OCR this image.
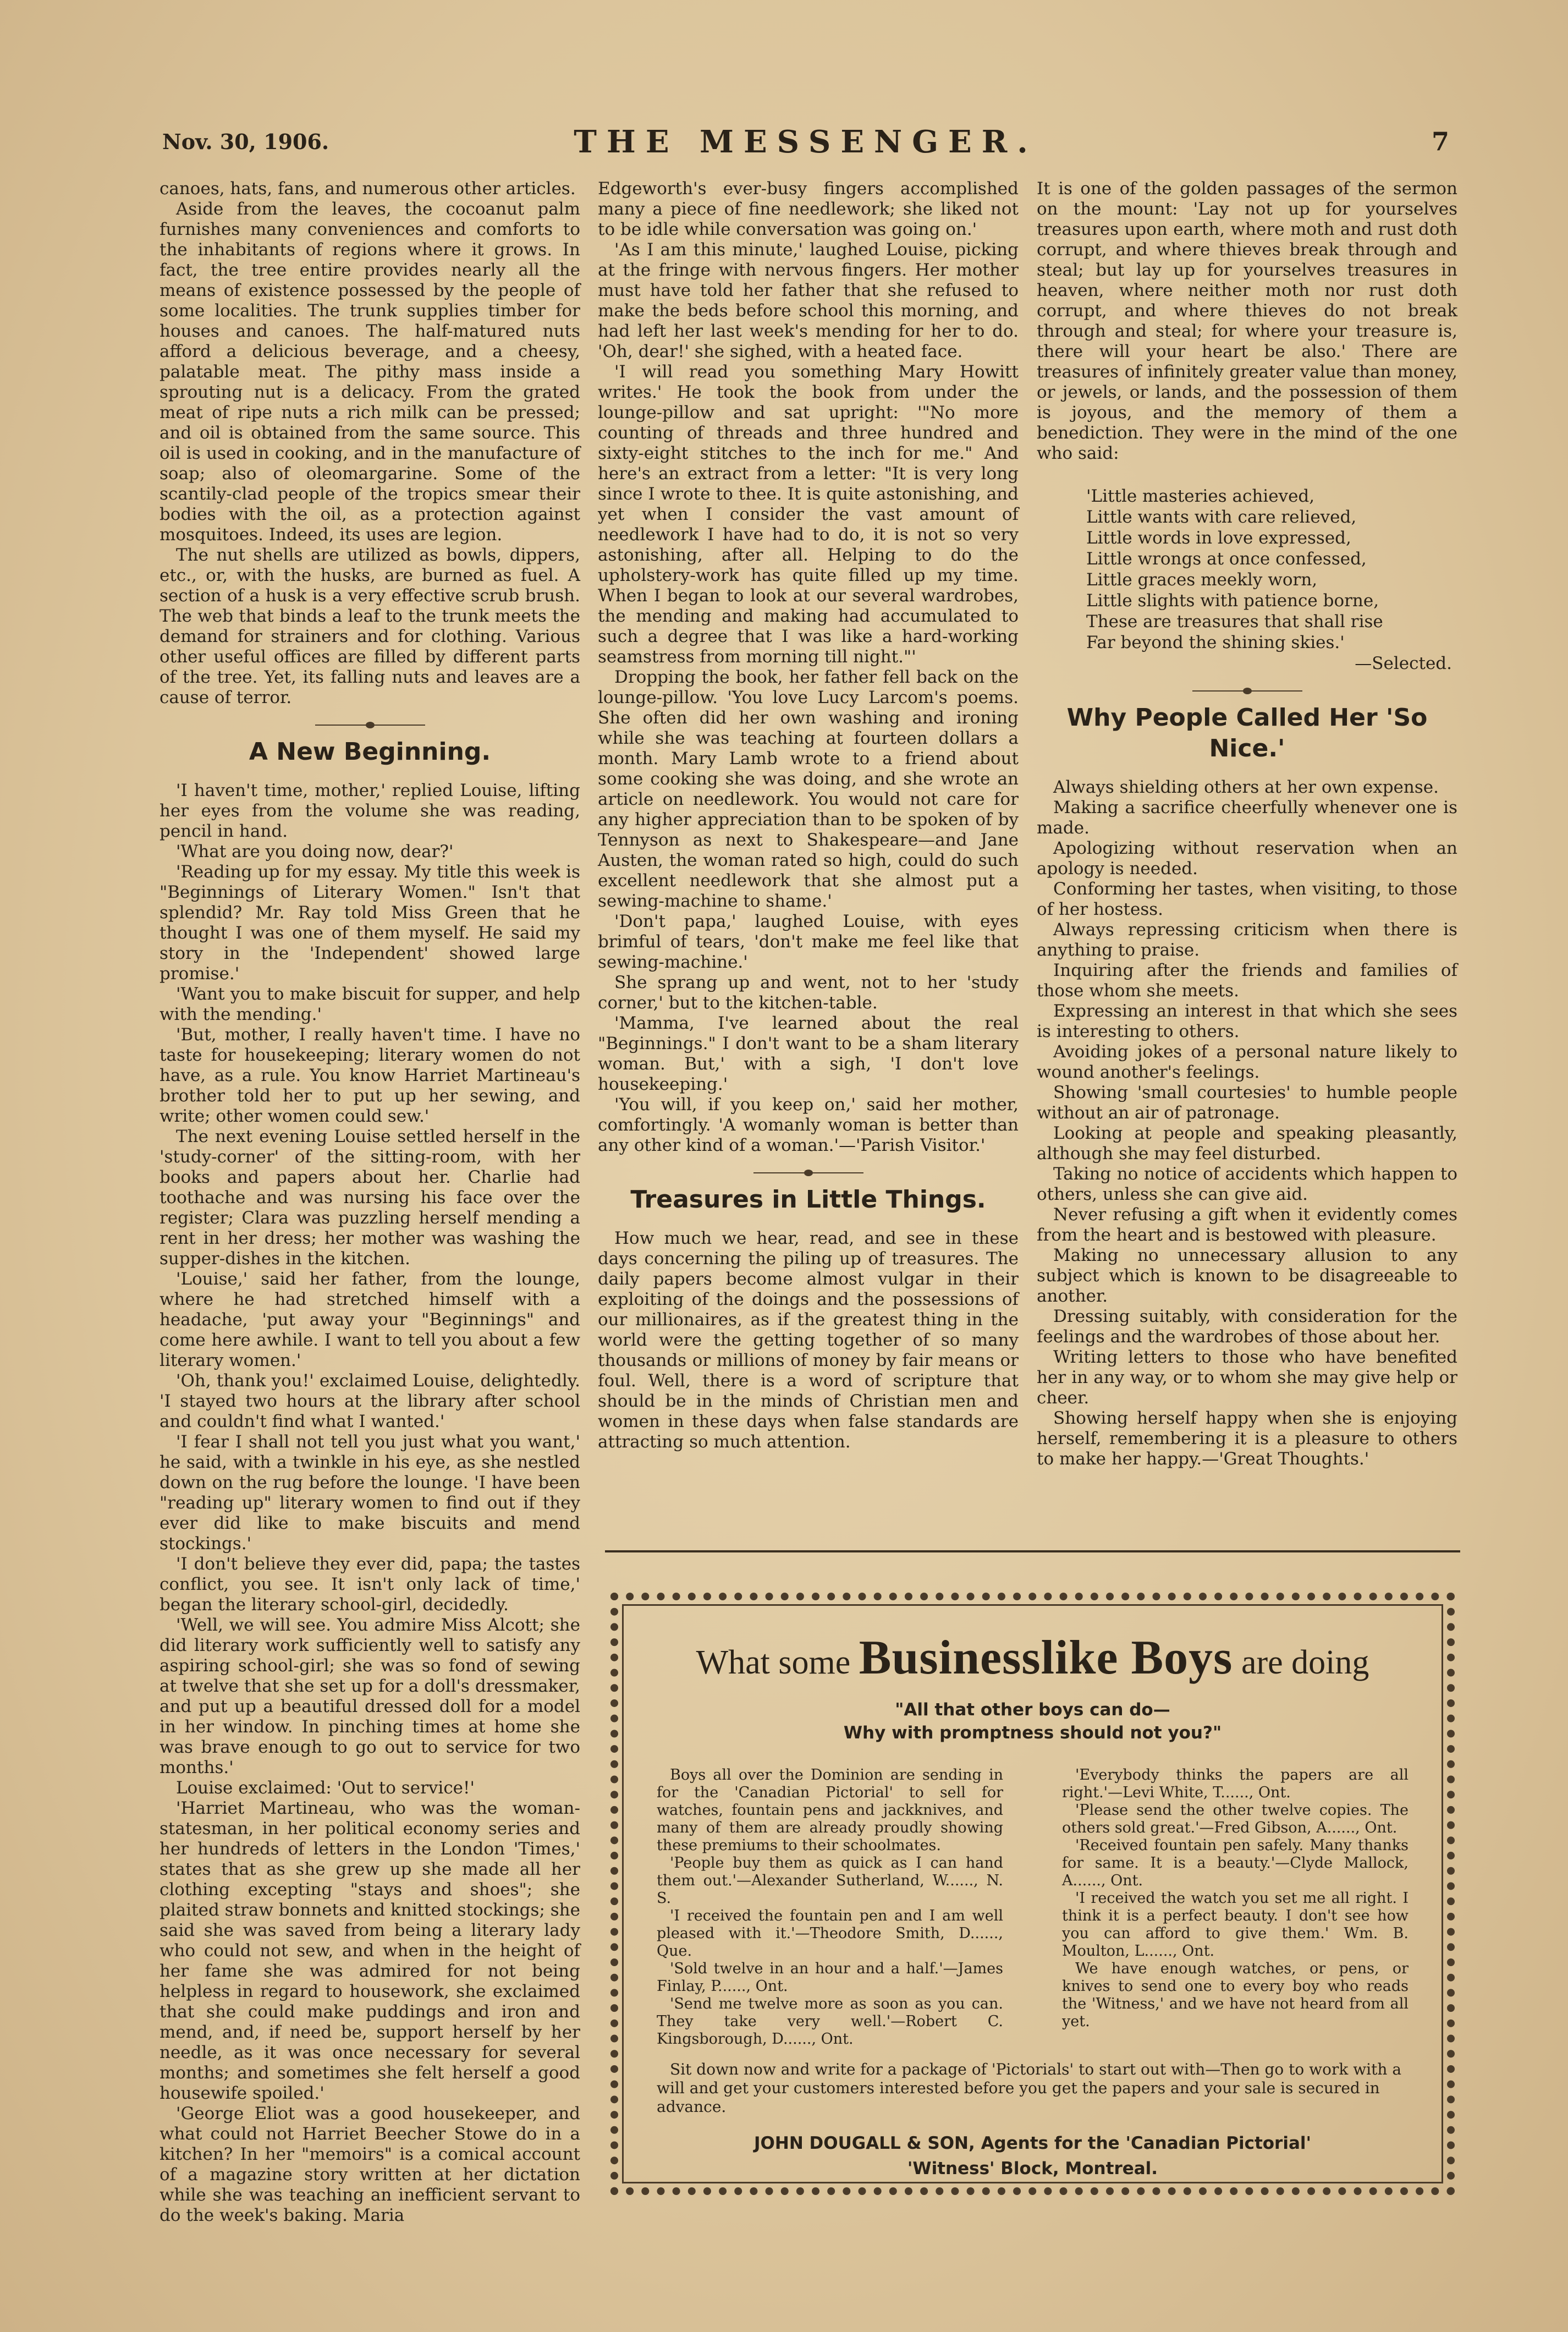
Nov. 30, 1906.	THE MESSENGER.	7

canoes, hats, fans, and numerous other articles.

Aside from the leaves, the cocoanut palm furnishes many conveniences and comforts to the inhabitants of regions where it grows. In fact, the tree entire provides nearly all the means of existence possessed by the people of some localities. The trunk supplies timber for houses and canoes. The half-matured nuts afford a delicious beverage, and a cheesy, palatable meat. The pithy mass inside a sprouting nut is a delicacy. From the grated meat of ripe nuts a rich milk can be pressed; and oil is obtained from the same source. This oil is used in cooking, and in the manufacture of soap; also of oleomargarine. Some of the scantily-clad people of the tropics smear their bodies with the oil, as a protection against mosquitoes. Indeed, its uses are legion.

The nut shells are utilized as bowls, dippers, etc., or, with the husks, are burned as fuel. A section of a husk is a very effective scrub brush. The web that binds a leaf to the trunk meets the demand for strainers and for clothing. Various other useful offices are filled by different parts of the tree. Yet, its falling nuts and leaves are a cause of terror.

A New Beginning.

'I haven't time, mother,' replied Louise, lifting her eyes from the volume she was reading, pencil in hand.

'What are you doing now, dear?'

'Reading up for my essay. My title this week is "Beginnings of Literary Women." Isn't that splendid? Mr. Ray told Miss Green that he thought I was one of them myself. He said my story in the 'Independent' showed large promise.'

'Want you to make biscuit for supper, and help with the mending.'

'But, mother, I really haven't time. I have no taste for housekeeping; literary women do not have, as a rule. You know Harriet Martineau's brother told her to put up her sewing, and write; other women could sew.'

The next evening Louise settled herself in the 'study-corner' of the sitting-room, with her books and papers about her. Charlie had toothache and was nursing his face over the register; Clara was puzzling herself mending a rent in her dress; her mother was washing the supper-dishes in the kitchen.

'Louise,' said her father, from the lounge, where he had stretched himself with a headache, 'put away your "Beginnings" and come here awhile. I want to tell you about a few literary women.'

'Oh, thank you!' exclaimed Louise, delightedly. 'I stayed two hours at the library after school and couldn't find what I wanted.'

'I fear I shall not tell you just what you want,' he said, with a twinkle in his eye, as she nestled down on the rug before the lounge. 'I have been "reading up" literary women to find out if they ever did like to make biscuits and mend stockings.'

'I don't believe they ever did, papa; the tastes conflict, you see. It isn't only lack of time,' began the literary school-girl, decidedly.

'Well, we will see. You admire Miss Alcott; she did literary work sufficiently well to satisfy any aspiring school-girl; she was so fond of sewing at twelve that she set up for a doll's dressmaker, and put up a beautiful dressed doll for a model in her window. In pinching times at home she was brave enough to go out to service for two months.'

Louise exclaimed: 'Out to service!'

'Harriet Martineau, who was the woman-statesman, in her political economy series and her hundreds of letters in the London 'Times,' states that as she grew up she made all her clothing excepting "stays and shoes"; she plaited straw bonnets and knitted stockings; she said she was saved from being a literary lady who could not sew, and when in the height of her fame she was admired for not being helpless in regard to housework, she exclaimed that she could make puddings and iron and mend, and, if need be, support herself by her needle, as it was once necessary for several months; and sometimes she felt herself a good housewife spoiled.'

'George Eliot was a good housekeeper, and what could not Harriet Beecher Stowe do in a kitchen? In her "memoirs" is a comical account of a magazine story written at her dictation while she was teaching an inefficient servant to do the week's baking. Maria

Edgeworth's ever-busy fingers accomplished many a piece of fine needlework; she liked not to be idle while conversation was going on.'

'As I am this minute,' laughed Louise, picking at the fringe with nervous fingers. Her mother must have told her father that she refused to make the beds before school this morning, and had left her last week's mending for her to do. 'Oh, dear!' she sighed, with a heated face.

'I will read you something Mary Howitt writes.' He took the book from under the lounge-pillow and sat upright: '"No more counting of threads and three hundred and sixty-eight stitches to the inch for me." And here's an extract from a letter: "It is very long since I wrote to thee. It is quite astonishing, and yet when I consider the vast amount of needlework I have had to do, it is not so very astonishing, after all. Helping to do the upholstery-work has quite filled up my time. When I began to look at our several wardrobes, the mending and making had accumulated to such a degree that I was like a hard-working seamstress from morning till night."'

Dropping the book, her father fell back on the lounge-pillow. 'You love Lucy Larcom's poems. She often did her own washing and ironing while she was teaching at fourteen dollars a month. Mary Lamb wrote to a friend about some cooking she was doing, and she wrote an article on needlework. You would not care for any higher appreciation than to be spoken of by Tennyson as next to Shakespeare—and Jane Austen, the woman rated so high, could do such excellent needlework that she almost put a sewing-machine to shame.'

'Don't papa,' laughed Louise, with eyes brimful of tears, 'don't make me feel like that sewing-machine.'

She sprang up and went, not to her 'study corner,' but to the kitchen-table.

'Mamma, I've learned about the real "Beginnings." I don't want to be a sham literary woman. But,' with a sigh, 'I don't love housekeeping.'

'You will, if you keep on,' said her mother, comfortingly. 'A womanly woman is better than any other kind of a woman.'—'Parish Visitor.'

Treasures in Little Things.

How much we hear, read, and see in these days concerning the piling up of treasures. The daily papers become almost vulgar in their exploiting of the doings and the possessions of our millionaires, as if the greatest thing in the world were the getting together of so many thousands or millions of money by fair means or foul. Well, there is a word of scripture that should be in the minds of Christian men and women in these days when false standards are attracting so much attention.

It is one of the golden passages of the sermon on the mount: 'Lay not up for yourselves treasures upon earth, where moth and rust doth corrupt, and where thieves break through and steal; but lay up for yourselves treasures in heaven, where neither moth nor rust doth corrupt, and where thieves do not break through and steal; for where your treasure is, there will your heart be also.' There are treasures of infinitely greater value than money, or jewels, or lands, and the possession of them is joyous, and the memory of them a benediction. They were in the mind of the one who said:

'Little masteries achieved,
Little wants with care relieved,
Little words in love expressed,
Little wrongs at once confessed,
Little graces meekly worn,
Little slights with patience borne,
These are treasures that shall rise
Far beyond the shining skies.'
—Selected.
Why People Called Her 'So Nice.'

Always shielding others at her own expense.

Making a sacrifice cheerfully whenever one is made.

Apologizing without reservation when an apology is needed.

Conforming her tastes, when visiting, to those of her hostess.

Always repressing criticism when there is anything to praise.

Inquiring after the friends and families of those whom she meets.

Expressing an interest in that which she sees is interesting to others.

Avoiding jokes of a personal nature likely to wound another's feelings.

Showing 'small courtesies' to humble people without an air of patronage.

Looking at people and speaking pleasantly, although she may feel disturbed.

Taking no notice of accidents which happen to others, unless she can give aid.

Never refusing a gift when it evidently comes from the heart and is bestowed with pleasure.

Making no unnecessary allusion to any subject which is known to be disagreeable to another.

Dressing suitably, with consideration for the feelings and the wardrobes of those about her.

Writing letters to those who have benefited her in any way, or to whom she may give help or cheer.

Showing herself happy when she is enjoying herself, remembering it is a pleasure to others to make her happy.—'Great Thoughts.'

What some Businesslike Boys are doing
"All that other boys can do—
Why with promptness should not you?"

Boys all over the Dominion are sending in for the 'Canadian Pictorial' to sell for watches, fountain pens and jackknives, and many of them are already proudly showing these premiums to their schoolmates.

'People buy them as quick as I can hand them out.'—Alexander Sutherland, W......, N. S.

'I received the fountain pen and I am well pleased with it.'—Theodore Smith, D......, Que.

'Sold twelve in an hour and a half.'—James Finlay, P......, Ont.

'Send me twelve more as soon as you can. They take very well.'—Robert C. Kingsborough, D......, Ont.

'Everybody thinks the papers are all right.'—Levi White, T......, Ont.

'Please send the other twelve copies. The others sold great.'—Fred Gibson, A......, Ont.

'Received fountain pen safely. Many thanks for same. It is a beauty.'—Clyde Mallock, A......, Ont.

'I received the watch you set me all right. I think it is a perfect beauty. I don't see how you can afford to give them.' Wm. B. Moulton, L......, Ont.

We have enough watches, or pens, or knives to send one to every boy who reads the 'Witness,' and we have not heard from all yet.

Sit down now and write for a package of 'Pictorials' to start out with—Then go to work with a will and get your customers interested before you get the papers and your sale is secured in advance.
JOHN DOUGALL & SON, Agents for the 'Canadian Pictorial'
'Witness' Block, Montreal.
